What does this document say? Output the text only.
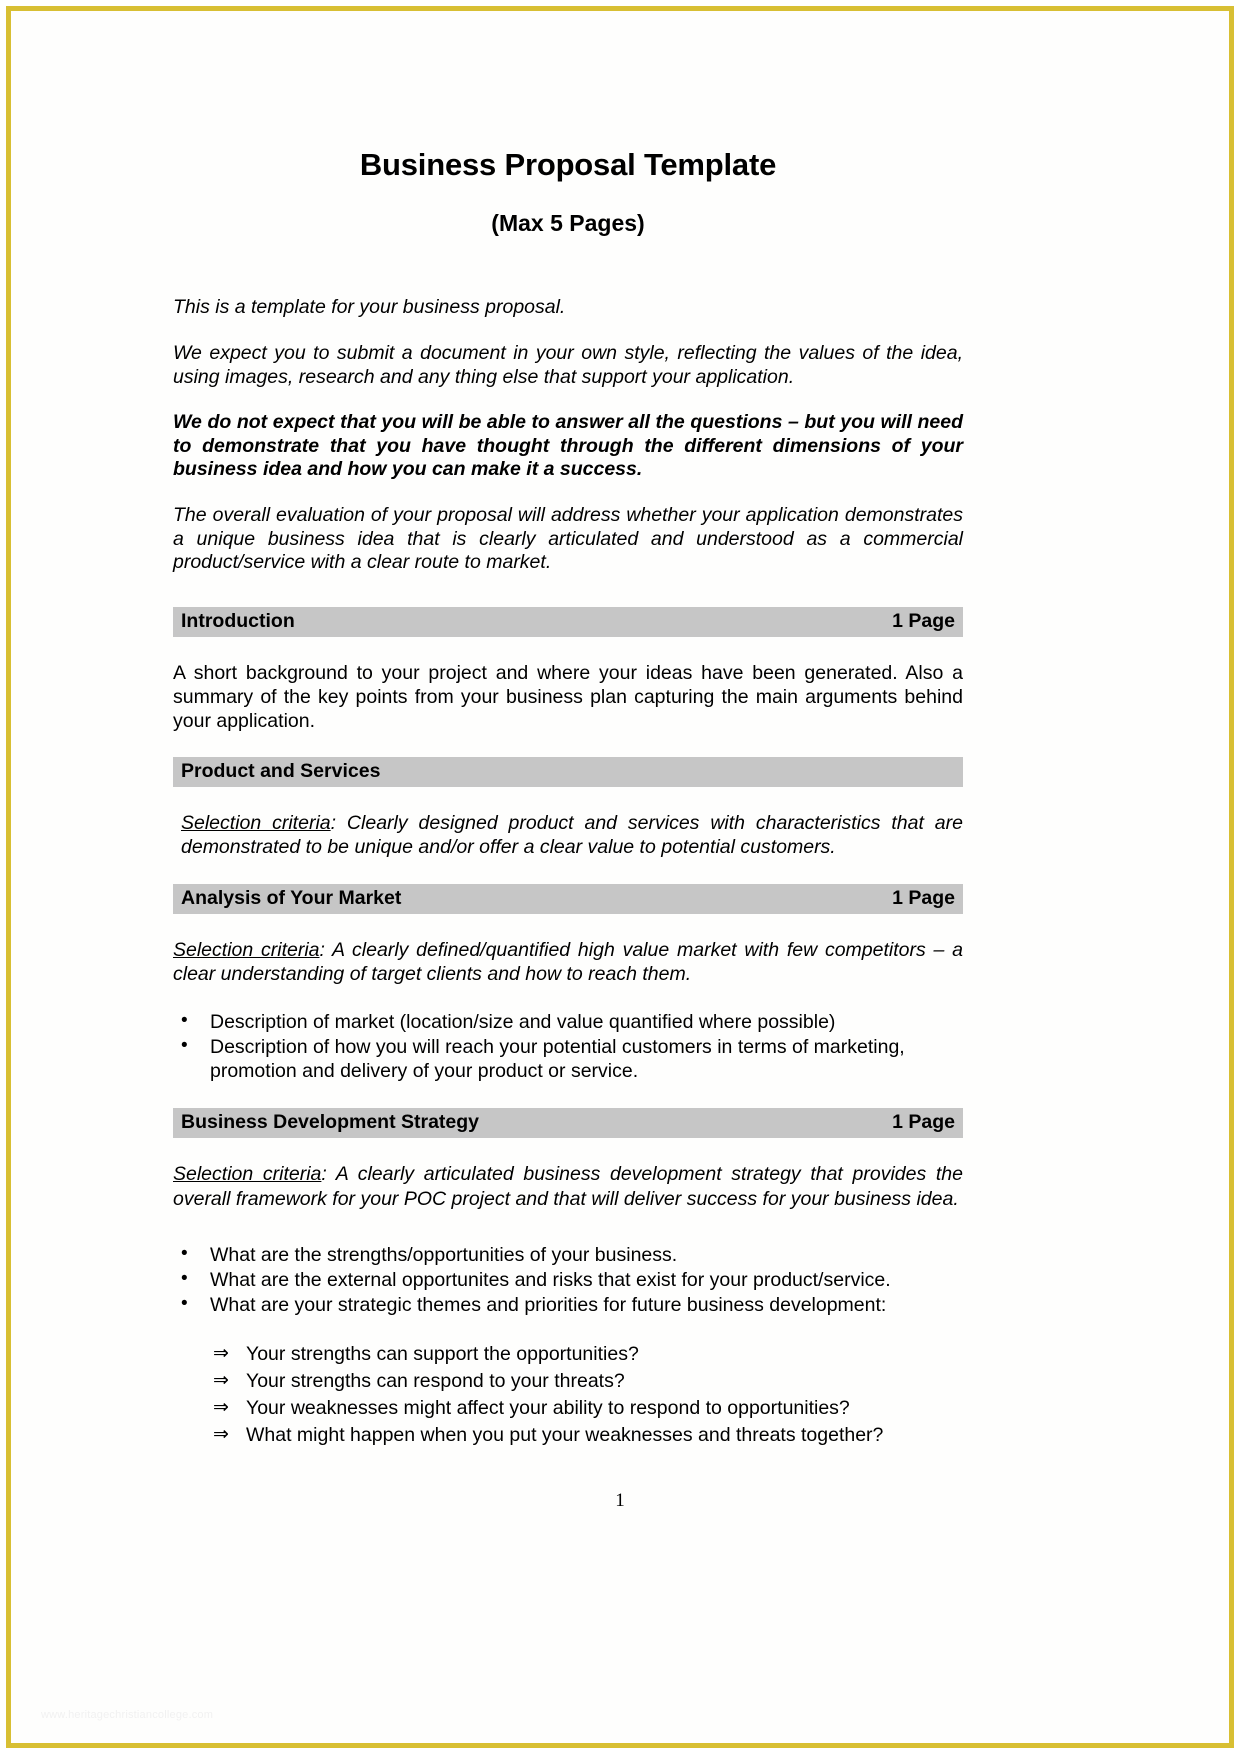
Business Proposal Template
(Max 5 Pages)

This is a template for your business proposal.

We expect you to submit a document in your own style, reflecting the values of the idea, using images, research and any thing else that support your application.

We do not expect that you will be able to answer all the questions – but you will need to demonstrate that you have thought through the different dimensions of your business idea and how you can make it a success.

The overall evaluation of your proposal will address whether your application demonstrates a unique business idea that is clearly articulated and understood as a commercial product/service with a clear route to market.

Introduction	1 Page

A short background to your project and where your ideas have been generated. Also a summary of the key points from your business plan capturing the main arguments behind your application.

Product and Services

Selection criteria: Clearly designed product and services with characteristics that are demonstrated to be unique and/or offer a clear value to potential customers.

Analysis of Your Market	1 Page

Selection criteria: A clearly defined/quantified high value market with few competitors – a clear understanding of target clients and how to reach them.

• Description of market (location/size and value quantified where possible)
• Description of how you will reach your potential customers in terms of marketing, promotion and delivery of your product or service.
Business Development Strategy	1 Page

Selection criteria: A clearly articulated business development strategy that provides the overall framework for your POC project and that will deliver success for your business idea.

• What are the strengths/opportunities of your business.
• What are the external opportunites and risks that exist for your product/service.
• What are your strategic themes and priorities for future business development:
⇒ Your strengths can support the opportunities?
⇒ Your strengths can respond to your threats?
⇒ Your weaknesses might affect your ability to respond to opportunities?
⇒ What might happen when you put your weaknesses and threats together?
1
www.heritagechristiancollege.com
